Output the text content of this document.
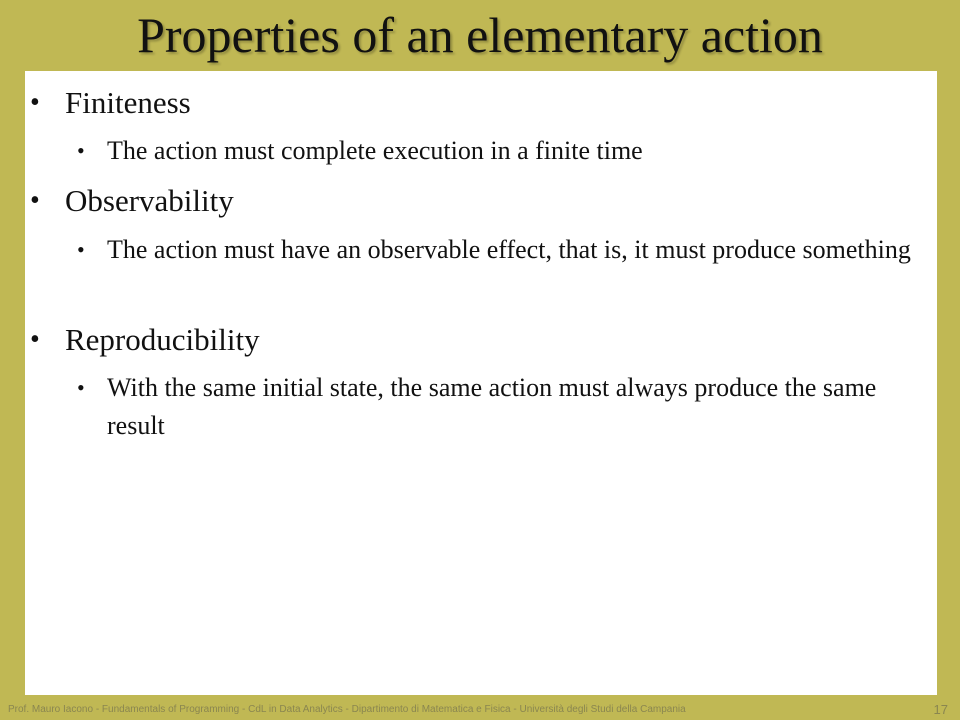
Properties of an elementary action
• Finiteness
• The action must complete execution in a finite time
• Observability
• The action must have an observable effect, that is, it must produce something
• Reproducibility
• With the same initial state, the same action must always produce the same result
Prof. Mauro Iacono - Fundamentals of Programming - CdL in Data Analytics - Dipartimento di Matematica e Fisica - Università degli Studi della Campania	17
